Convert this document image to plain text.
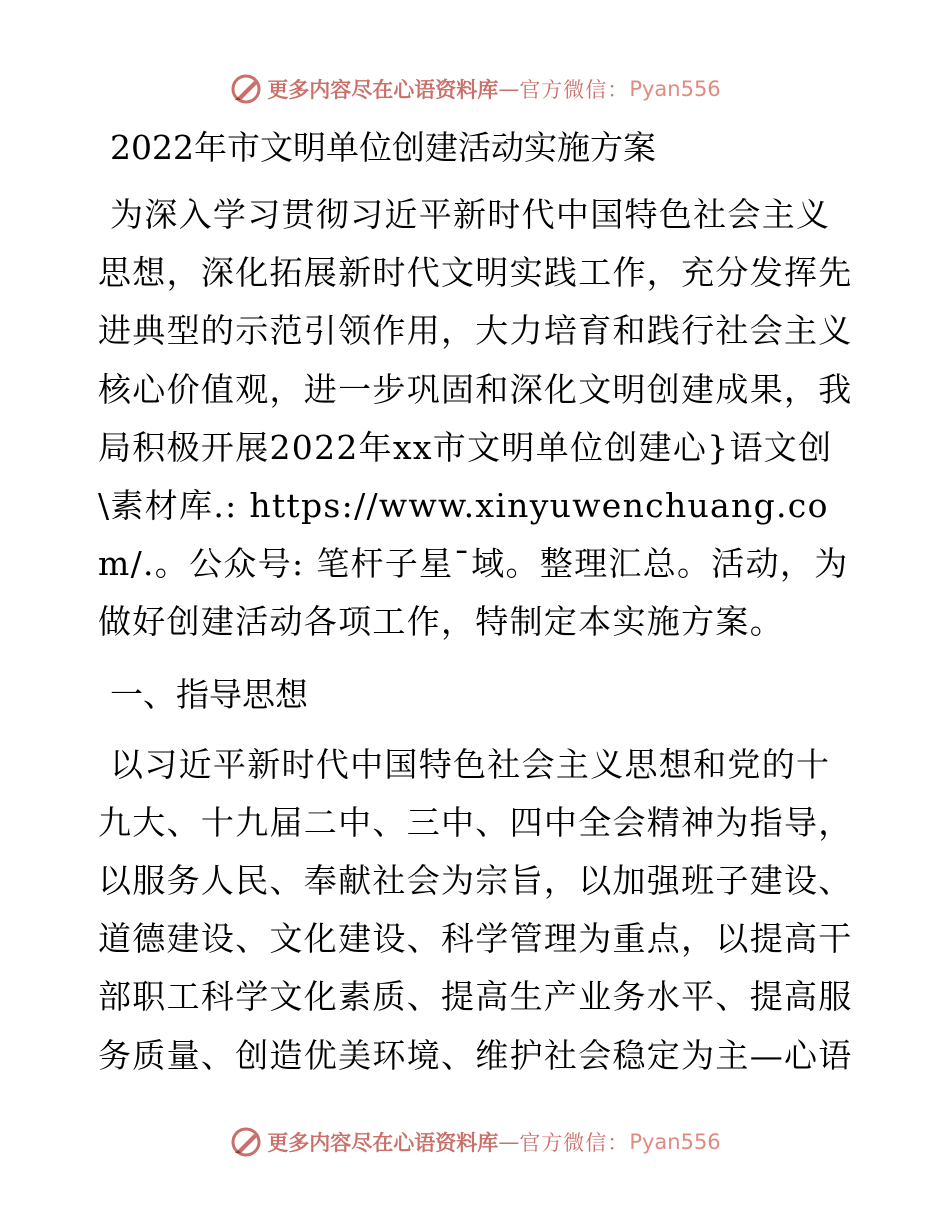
更多内容尽在心语资料库—官方微信：Pyan556
2022年市文明单位创建活动实施方案

为深入学习贯彻习近平新时代中国特色社会主义思想，深化拓展新时代文明实践工作，充分发挥先进典型的示范引领作用，大力培育和践行社会主义核心价值观，进一步巩固和深化文明创建成果，我局积极开展2022年xx市文明单位创建心}语文创\素材库.: https://www.xinyuwenchuang.com/.。公众号: 笔杆子星¯域。整理汇总。活动，为做好创建活动各项工作，特制定本实施方案。

一、指导思想

以习近平新时代中国特色社会主义思想和党的十九大、十九届二中、三中、四中全会精神为指导，以服务人民、奉献社会为宗旨，以加强班子建设、道德建设、文化建设、科学管理为重点，以提高干部职工科学文化素质、提高生产业务水平、提高服务质量、创造优美环境、维护社会稳定为主—心语

更多内容尽在心语资料库—官方微信：Pyan556
